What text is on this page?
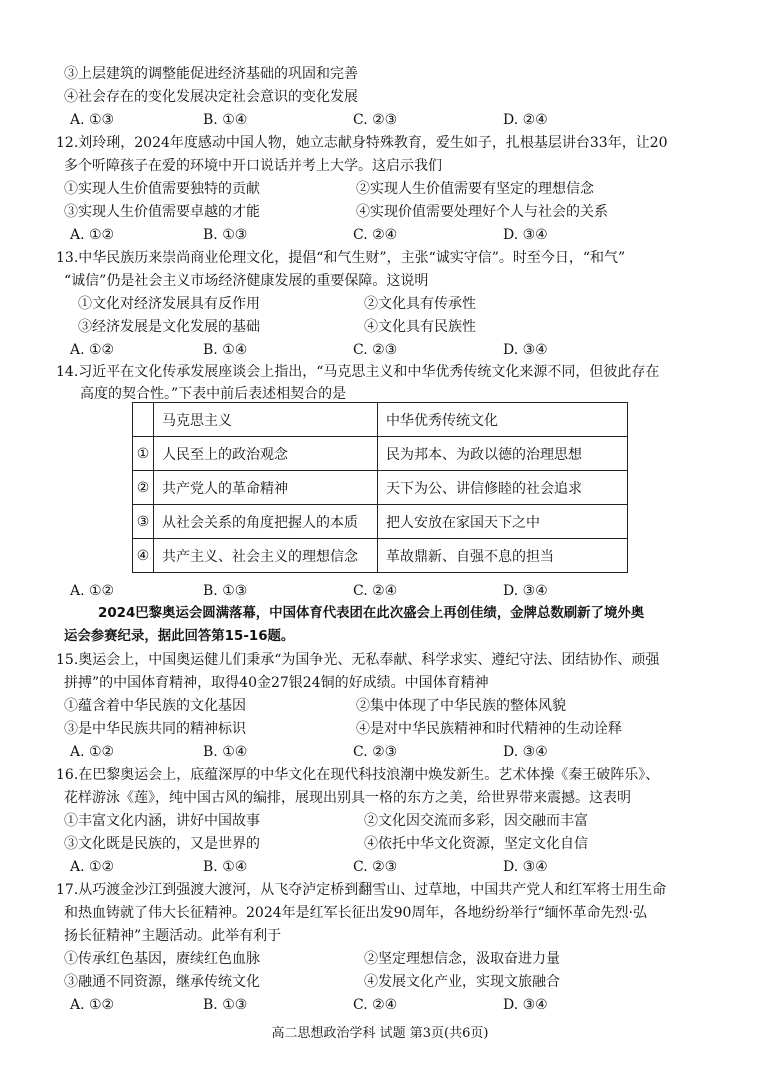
③上层建筑的调整能促进经济基础的巩固和完善
④社会存在的变化发展决定社会意识的变化发展
A. ①③	B. ①④	C. ②③	D. ②④
12.刘玲琍，2024年度感动中国人物，她立志献身特殊教育，爱生如子，扎根基层讲台33年，让20
多个听障孩子在爱的环境中开口说话并考上大学。这启示我们
①实现人生价值需要独特的贡献	②实现人生价值需要有坚定的理想信念
③实现人生价值需要卓越的才能	④实现价值需要处理好个人与社会的关系
A. ①②	B. ①③	C. ②④	D. ③④
13.中华民族历来崇尚商业伦理文化，提倡“和气生财”，主张“诚实守信”。时至今日，“和气”
“诚信”仍是社会主义市场经济健康发展的重要保障。这说明
①文化对经济发展具有反作用	②文化具有传承性
③经济发展是文化发展的基础	④文化具有民族性
A. ①②	B. ①④	C. ②③	D. ③④
14.习近平在文化传承发展座谈会上指出，“马克思主义和中华优秀传统文化来源不同，但彼此存在
高度的契合性。”下表中前后表述相契合的是
	马克思主义	中华优秀传统文化
①	人民至上的政治观念	民为邦本、为政以德的治理思想
②	共产党人的革命精神	天下为公、讲信修睦的社会追求
③	从社会关系的角度把握人的本质	把人安放在家国天下之中
④	共产主义、社会主义的理想信念	革故鼎新、自强不息的担当
A. ①②	B. ①③	C. ②④	D. ③④
2024巴黎奥运会圆满落幕，中国体育代表团在此次盛会上再创佳绩，金牌总数刷新了境外奥
运会参赛纪录，据此回答第15-16题。
15.奥运会上，中国奥运健儿们秉承“为国争光、无私奉献、科学求实、遵纪守法、团结协作、顽强
拼搏”的中国体育精神，取得40金27银24铜的好成绩。中国体育精神
①蕴含着中华民族的文化基因	②集中体现了中华民族的整体风貌
③是中华民族共同的精神标识	④是对中华民族精神和时代精神的生动诠释
A. ①②	B. ①④	C. ②③	D. ③④
16.在巴黎奥运会上，底蕴深厚的中华文化在现代科技浪潮中焕发新生。艺术体操《秦王破阵乐》、
花样游泳《莲》，纯中国古风的编排，展现出别具一格的东方之美，给世界带来震撼。这表明
①丰富文化内涵，讲好中国故事	②文化因交流而多彩，因交融而丰富
③文化既是民族的，又是世界的	④依托中华文化资源，坚定文化自信
A. ①②	B. ①④	C. ②③	D. ③④
17.从巧渡金沙江到强渡大渡河，从飞夺泸定桥到翻雪山、过草地，中国共产党人和红军将士用生命
和热血铸就了伟大长征精神。2024年是红军长征出发90周年，各地纷纷举行“缅怀革命先烈·弘
扬长征精神”主题活动。此举有利于
①传承红色基因，赓续红色血脉	②坚定理想信念，汲取奋进力量
③融通不同资源，继承传统文化	④发展文化产业，实现文旅融合
A. ①②	B. ①③	C. ②④	D. ③④
高二思想政治学科 试题 第3页(共6页)
